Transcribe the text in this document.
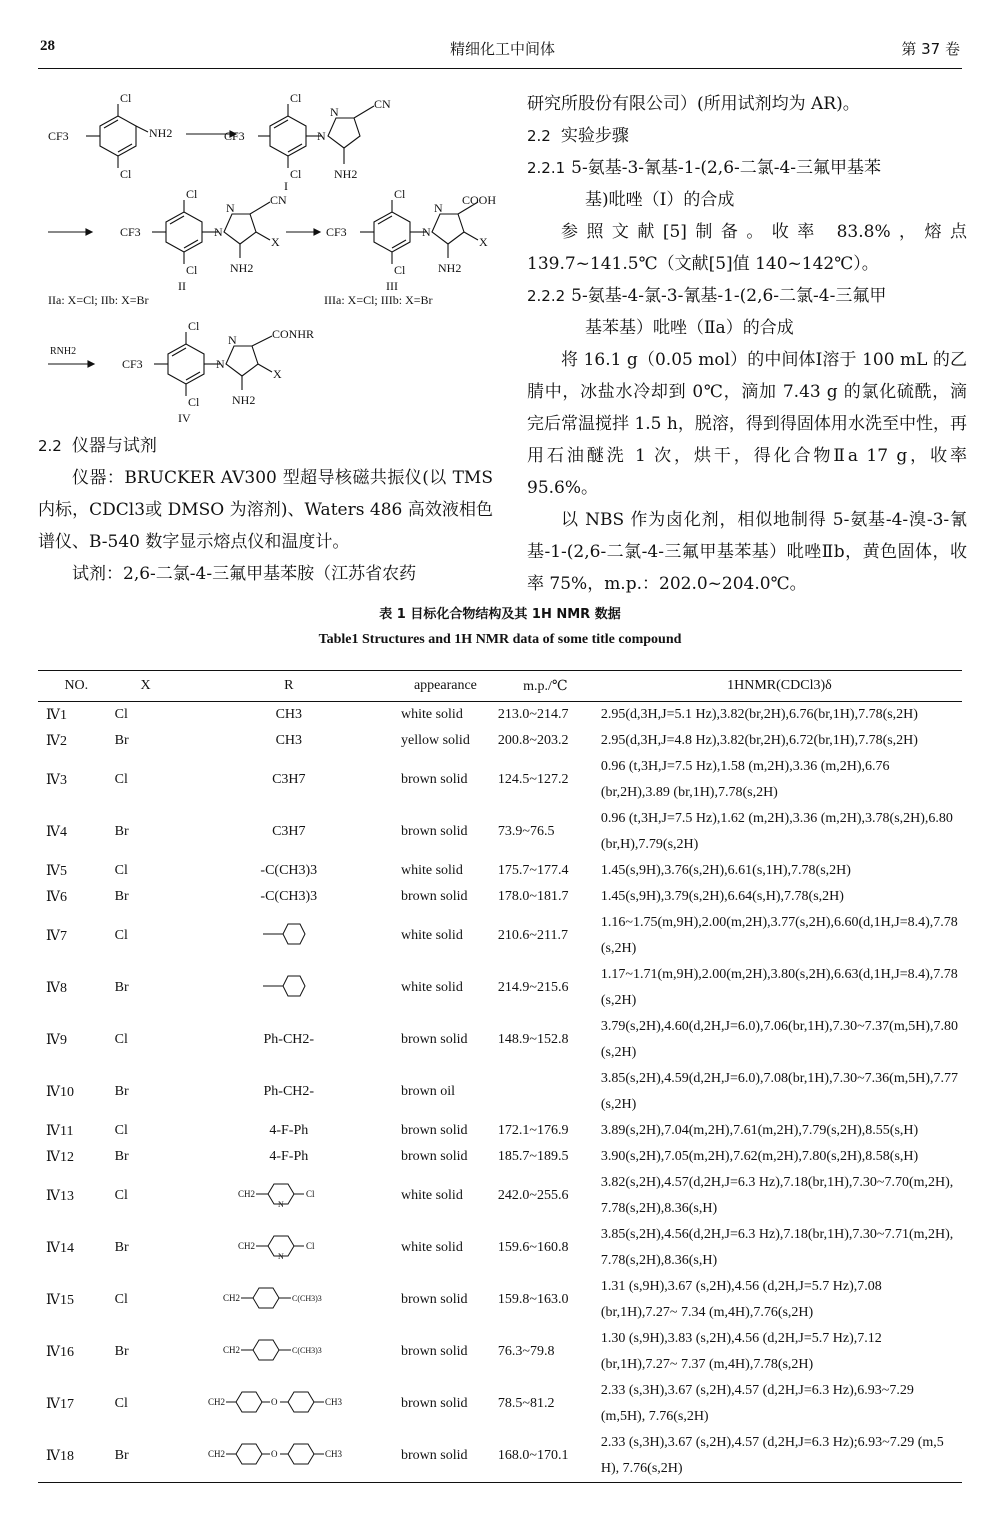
28	精细化工中间体	第 37 卷
Cl
CF3	NH2
Cl
Cl
CF3	N
N
CN
Cl	NH2
I
Cl
CF3	N
N
CN
X
Cl	NH2
II
IIa: X=Cl; IIb: X=Br
Cl
CF3	N
N
COOH
X
Cl	NH2
III
IIIa: X=Cl; IIIb: X=Br
RNH2
Cl
CF3	N
N	CONHR
X
Cl	NH2
IV

2.2 仪器与试剂

仪器：BRUCKER AV300 型超导核磁共振仪(以 TMS 内标，CDCl3或 DMSO 为溶剂)、Waters 486 高效液相色谱仪、B-540 数字显示熔点仪和温度计。

试剂：2,6-二氯-4-三氟甲基苯胺（江苏省农药

研究所股份有限公司）(所用试剂均为 AR)。

2.2 实验步骤

2.2.1 5-氨基-3-氰基-1-(2,6-二氯-4-三氟甲基苯

基)吡唑（Ⅰ）的合成

参照文献[5]制备。收率 83.8%，熔点 139.7~141.5℃（文献[5]值 140~142℃）。

2.2.2 5-氨基-4-氯-3-氰基-1-(2,6-二氯-4-三氟甲

基苯基）吡唑（Ⅱa）的合成

将 16.1 g（0.05 mol）的中间体Ⅰ溶于 100 mL 的乙腈中，冰盐水冷却到 0℃，滴加 7.43 g 的氯化硫酰，滴完后常温搅拌 1.5 h，脱溶，得到得固体用水洗至中性，再用石油醚洗 1 次，烘干，得化合物Ⅱa 17 g，收率 95.6%。

以 NBS 作为卤化剂，相似地制得 5-氨基-4-溴-3-氰基-1-(2,6-二氯-4-三氟甲基苯基）吡唑Ⅱb，黄色固体，收率 75%，m.p.：202.0~204.0℃。

表 1 目标化合物结构及其 1H NMR 数据
Table1 Structures and 1H NMR data of some title compound
NO.	X	R	appearance	m.p./℃	1HNMR(CDCl3)δ
Ⅳ1	Cl	CH3	white solid	213.0~214.7	2.95(d,3H,J=5.1 Hz),3.82(br,2H),6.76(br,1H),7.78(s,2H)
Ⅳ2	Br	CH3	yellow solid	200.8~203.2	2.95(d,3H,J=4.8 Hz),3.82(br,2H),6.72(br,1H),7.78(s,2H)
Ⅳ3	Cl	C3H7	brown solid	124.5~127.2	0.96 (t,3H,J=7.5 Hz),1.58 (m,2H),3.36 (m,2H),6.76 (br,2H),3.89 (br,1H),7.78(s,2H)
Ⅳ4	Br	C3H7	brown solid	73.9~76.5	0.96 (t,3H,J=7.5 Hz),1.62 (m,2H),3.36 (m,2H),3.78(s,2H),6.80 (br,H),7.79(s,2H)
Ⅳ5	Cl	-C(CH3)3	white solid	175.7~177.4	1.45(s,9H),3.76(s,2H),6.61(s,1H),7.78(s,2H)
Ⅳ6	Br	-C(CH3)3	brown solid	178.0~181.7	1.45(s,9H),3.79(s,2H),6.64(s,H),7.78(s,2H)
Ⅳ7	Cl		white solid	210.6~211.7	1.16~1.75(m,9H),2.00(m,2H),3.77(s,2H),6.60(d,1H,J=8.4),7.78 (s,2H)
Ⅳ8	Br		white solid	214.9~215.6	1.17~1.71(m,9H),2.00(m,2H),3.80(s,2H),6.63(d,1H,J=8.4),7.78 (s,2H)
Ⅳ9	Cl	Ph-CH2-	brown solid	148.9~152.8	3.79(s,2H),4.60(d,2H,J=6.0),7.06(br,1H),7.30~7.37(m,5H),7.80 (s,2H)
Ⅳ10	Br	Ph-CH2-	brown oil		3.85(s,2H),4.59(d,2H,J=6.0),7.08(br,1H),7.30~7.36(m,5H),7.77 (s,2H)
Ⅳ11	Cl	4-F-Ph	brown solid	172.1~176.9	3.89(s,2H),7.04(m,2H),7.61(m,2H),7.79(s,2H),8.55(s,H)
Ⅳ12	Br	4-F-Ph	brown solid	185.7~189.5	3.90(s,2H),7.05(m,2H),7.62(m,2H),7.80(s,2H),8.58(s,H)
Ⅳ13	Cl	CH2
N
Cl	white solid	242.0~255.6	3.82(s,2H),4.57(d,2H,J=6.3 Hz),7.18(br,1H),7.30~7.70(m,2H), 7.78(s,2H),8.36(s,H)
Ⅳ14	Br	CH2
N
Cl	white solid	159.6~160.8	3.85(s,2H),4.56(d,2H,J=6.3 Hz),7.18(br,1H),7.30~7.71(m,2H), 7.78(s,2H),8.36(s,H)
Ⅳ15	Cl	CH2 C(CH3)3	brown solid	159.8~163.0	1.31 (s,9H),3.67 (s,2H),4.56 (d,2H,J=5.7 Hz),7.08 (br,1H),7.27~ 7.34 (m,4H),7.76(s,2H)
Ⅳ16	Br	CH2 C(CH3)3	brown solid	76.3~79.8	1.30 (s,9H),3.83 (s,2H),4.56 (d,2H,J=5.7 Hz),7.12 (br,1H),7.27~ 7.37 (m,4H),7.78(s,2H)
Ⅳ17	Cl	CH2 O CH3	brown solid	78.5~81.2	2.33 (s,3H),3.67 (s,2H),4.57 (d,2H,J=6.3 Hz),6.93~7.29 (m,5H), 7.76(s,2H)
Ⅳ18	Br	CH2 O CH3	brown solid	168.0~170.1	2.33 (s,3H),3.67 (s,2H),4.57 (d,2H,J=6.3 Hz);6.93~7.29 (m,5 H), 7.76(s,2H)
